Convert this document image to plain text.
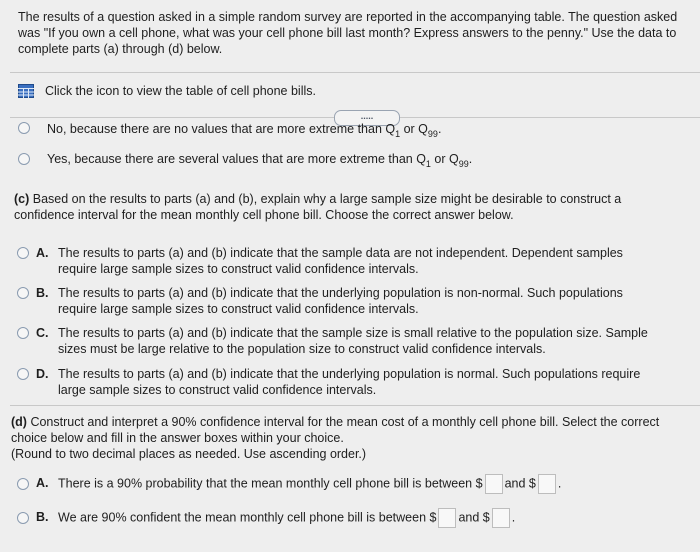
The results of a question asked in a simple random survey are reported in the accompanying table. The question asked
was "If you own a cell phone, what was your cell phone bill last month? Express answers to the penny." Use the data to
complete parts (a) through (d) below.
Click the icon to view the table of cell phone bills.
.....
No, because there are no values that are more extreme than $Q_1$ or $Q_{99}$.
Yes, because there are several values that are more extreme than $Q_1$ or $Q_{99}$.
(c) Based on the results to parts (a) and (b), explain why a large sample size might be desirable to construct a
confidence interval for the mean monthly cell phone bill. Choose the correct answer below.
A. The results to parts (a) and (b) indicate that the sample data are not independent. Dependent samples
require large sample sizes to construct valid confidence intervals.
B. The results to parts (a) and (b) indicate that the underlying population is non-normal. Such populations
require large sample sizes to construct valid confidence intervals.
C. The results to parts (a) and (b) indicate that the sample size is small relative to the population size. Sample
sizes must be large relative to the population size to construct valid confidence intervals.
D. The results to parts (a) and (b) indicate that the underlying population is normal. Such populations require
large sample sizes to construct valid confidence intervals.
(d) Construct and interpret a 90% confidence interval for the mean cost of a monthly cell phone bill. Select the correct
choice below and fill in the answer boxes within your choice.
(Round to two decimal places as needed. Use ascending order.)
A. There is a 90% probability that the mean monthly cell phone bill is between $ and $ .
B. We are 90% confident the mean monthly cell phone bill is between $ and $ .
